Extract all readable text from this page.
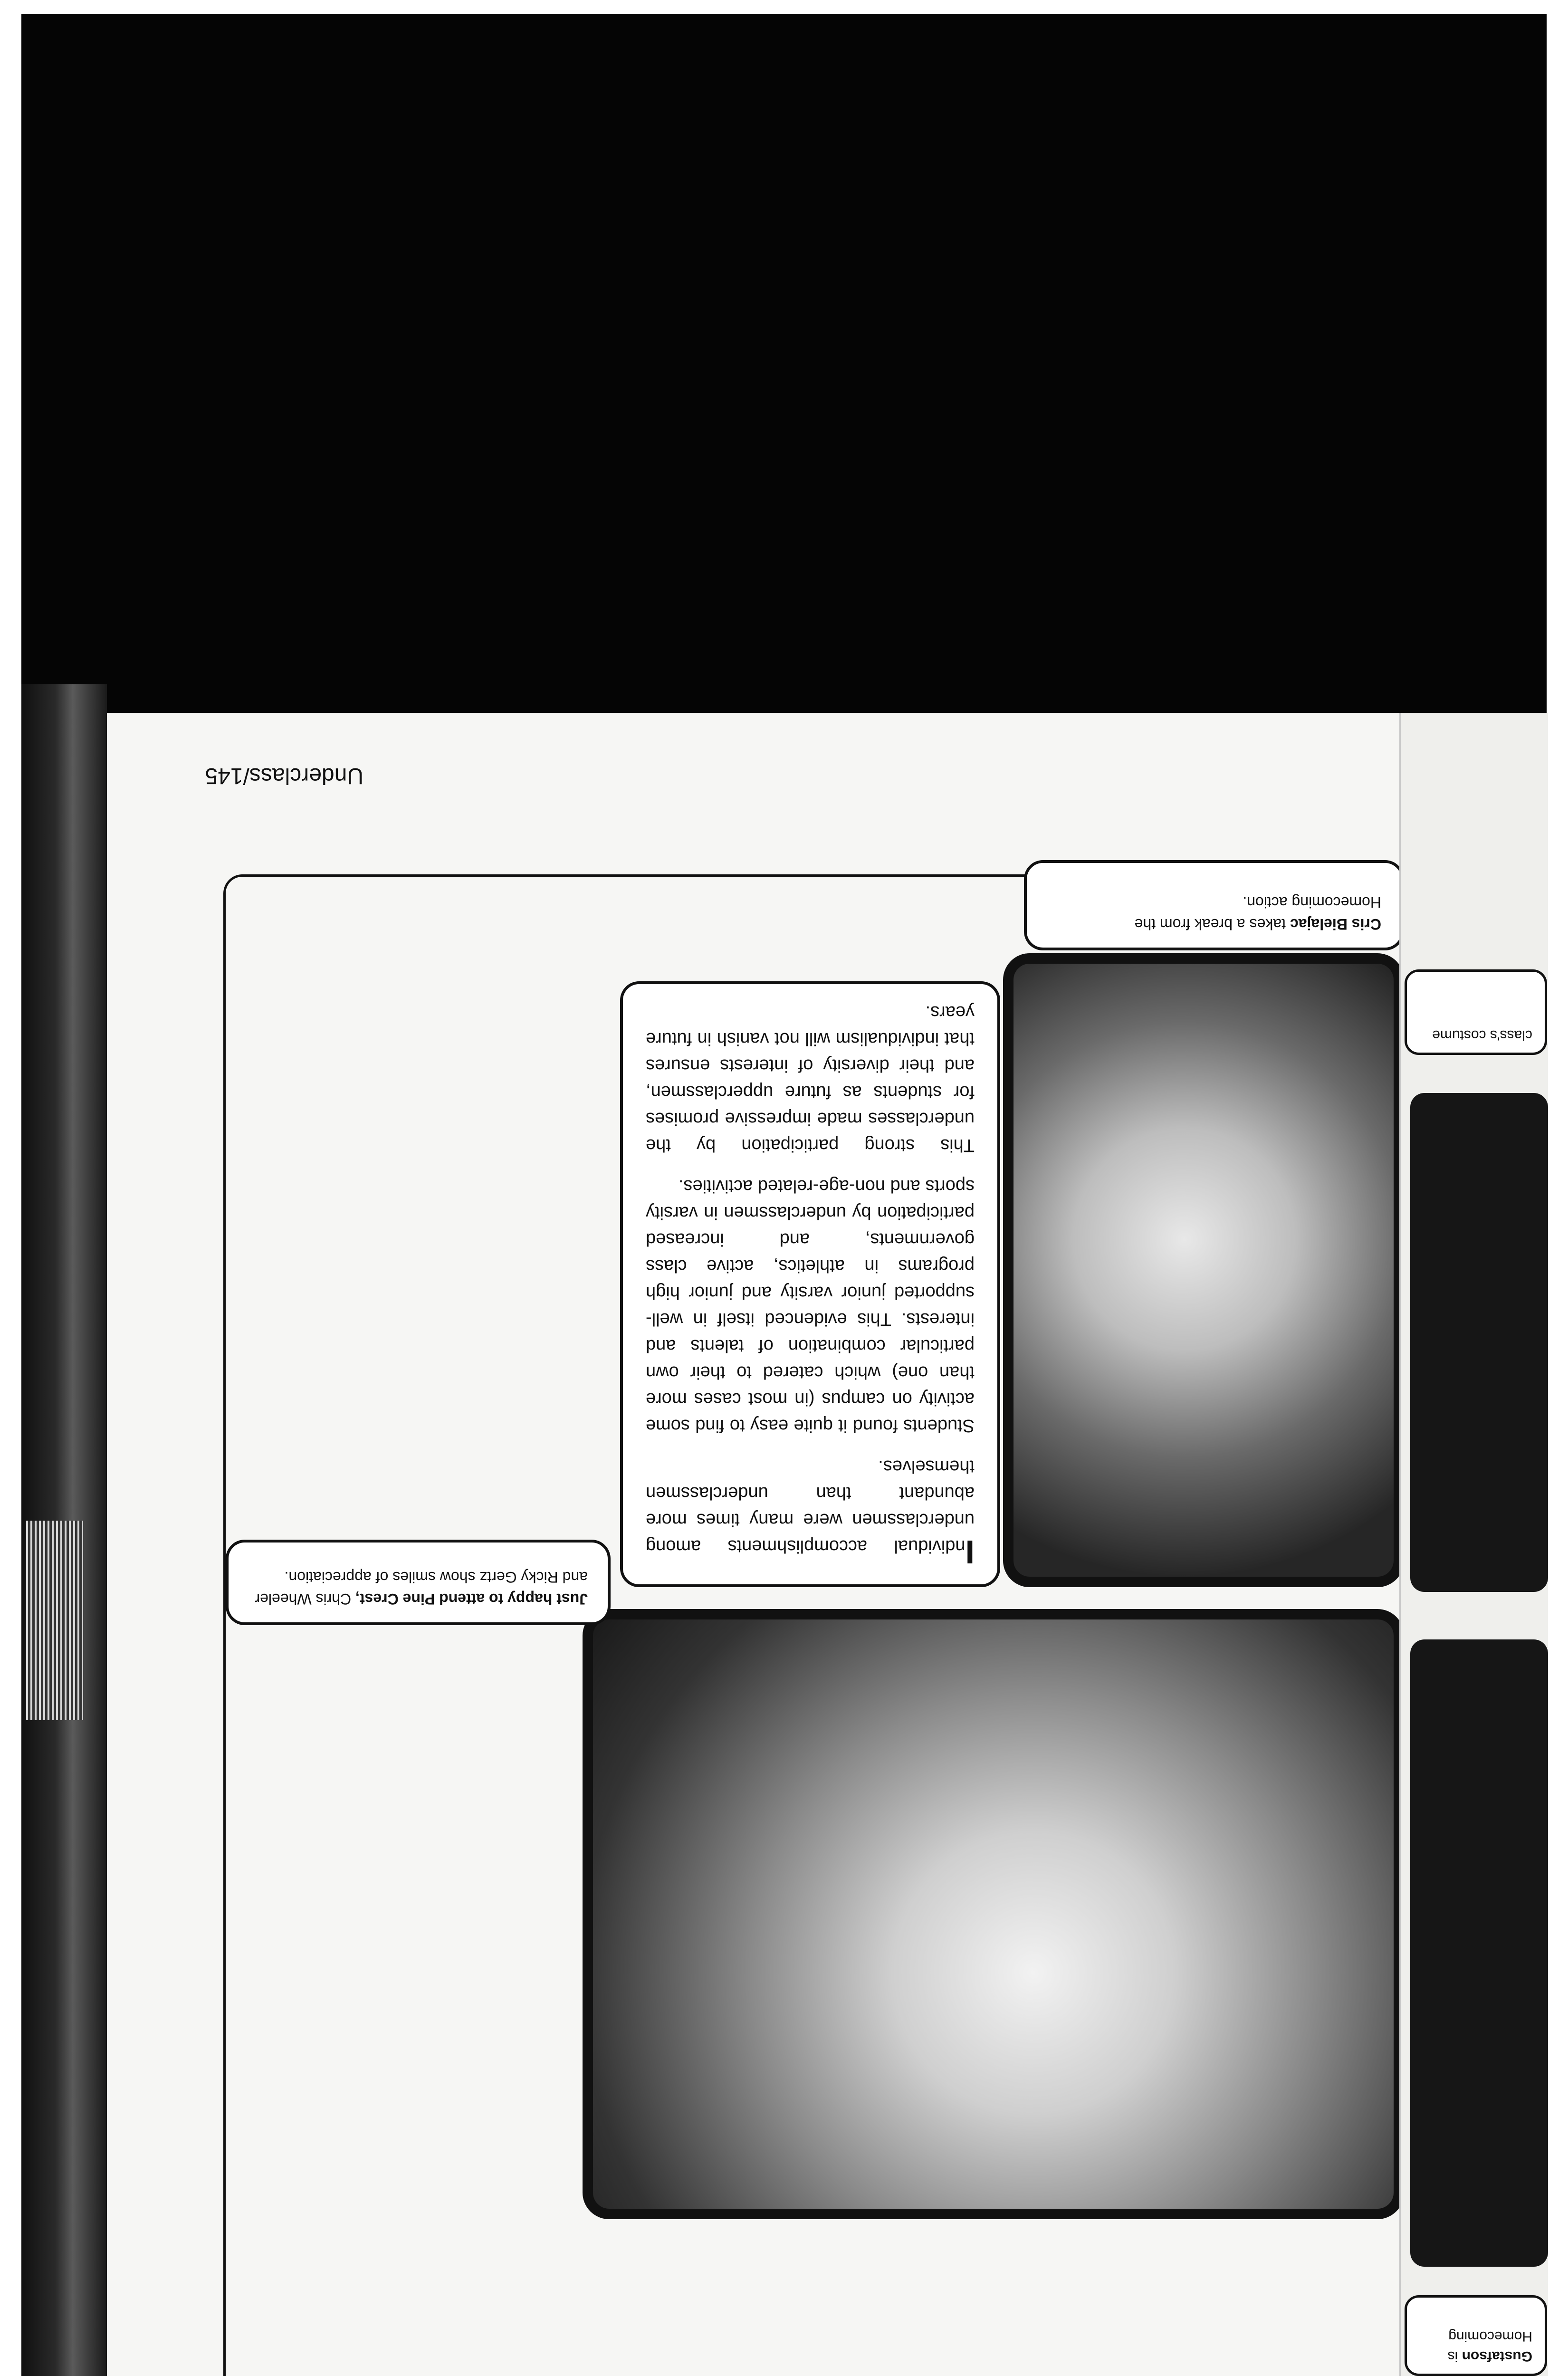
Underclass/145
Cris Bielajac takes a break from the Homecoming action.

Individual accomplishments among underclassmen were many times more abundant than underclassmen themselves.

Students found it quite easy to find some activity on campus (in most cases more than one) which catered to their own particular combination of talents and interests. This evidenced itself in well-supported junior varsity and junior high programs in athletics, active class governments, and increased participation by underclassmen in varsity sports and non-age-related activities.

This strong participation by the underclasses made impressive promises for students as future upperclassmen, and their diversity of interests ensures that individualism will not vanish in future years.

Just happy to attend Pine Crest, Chris Wheeler and Ricky Gertz show smiles of appreciation.
class's costume
Gustafson is
Homecoming
